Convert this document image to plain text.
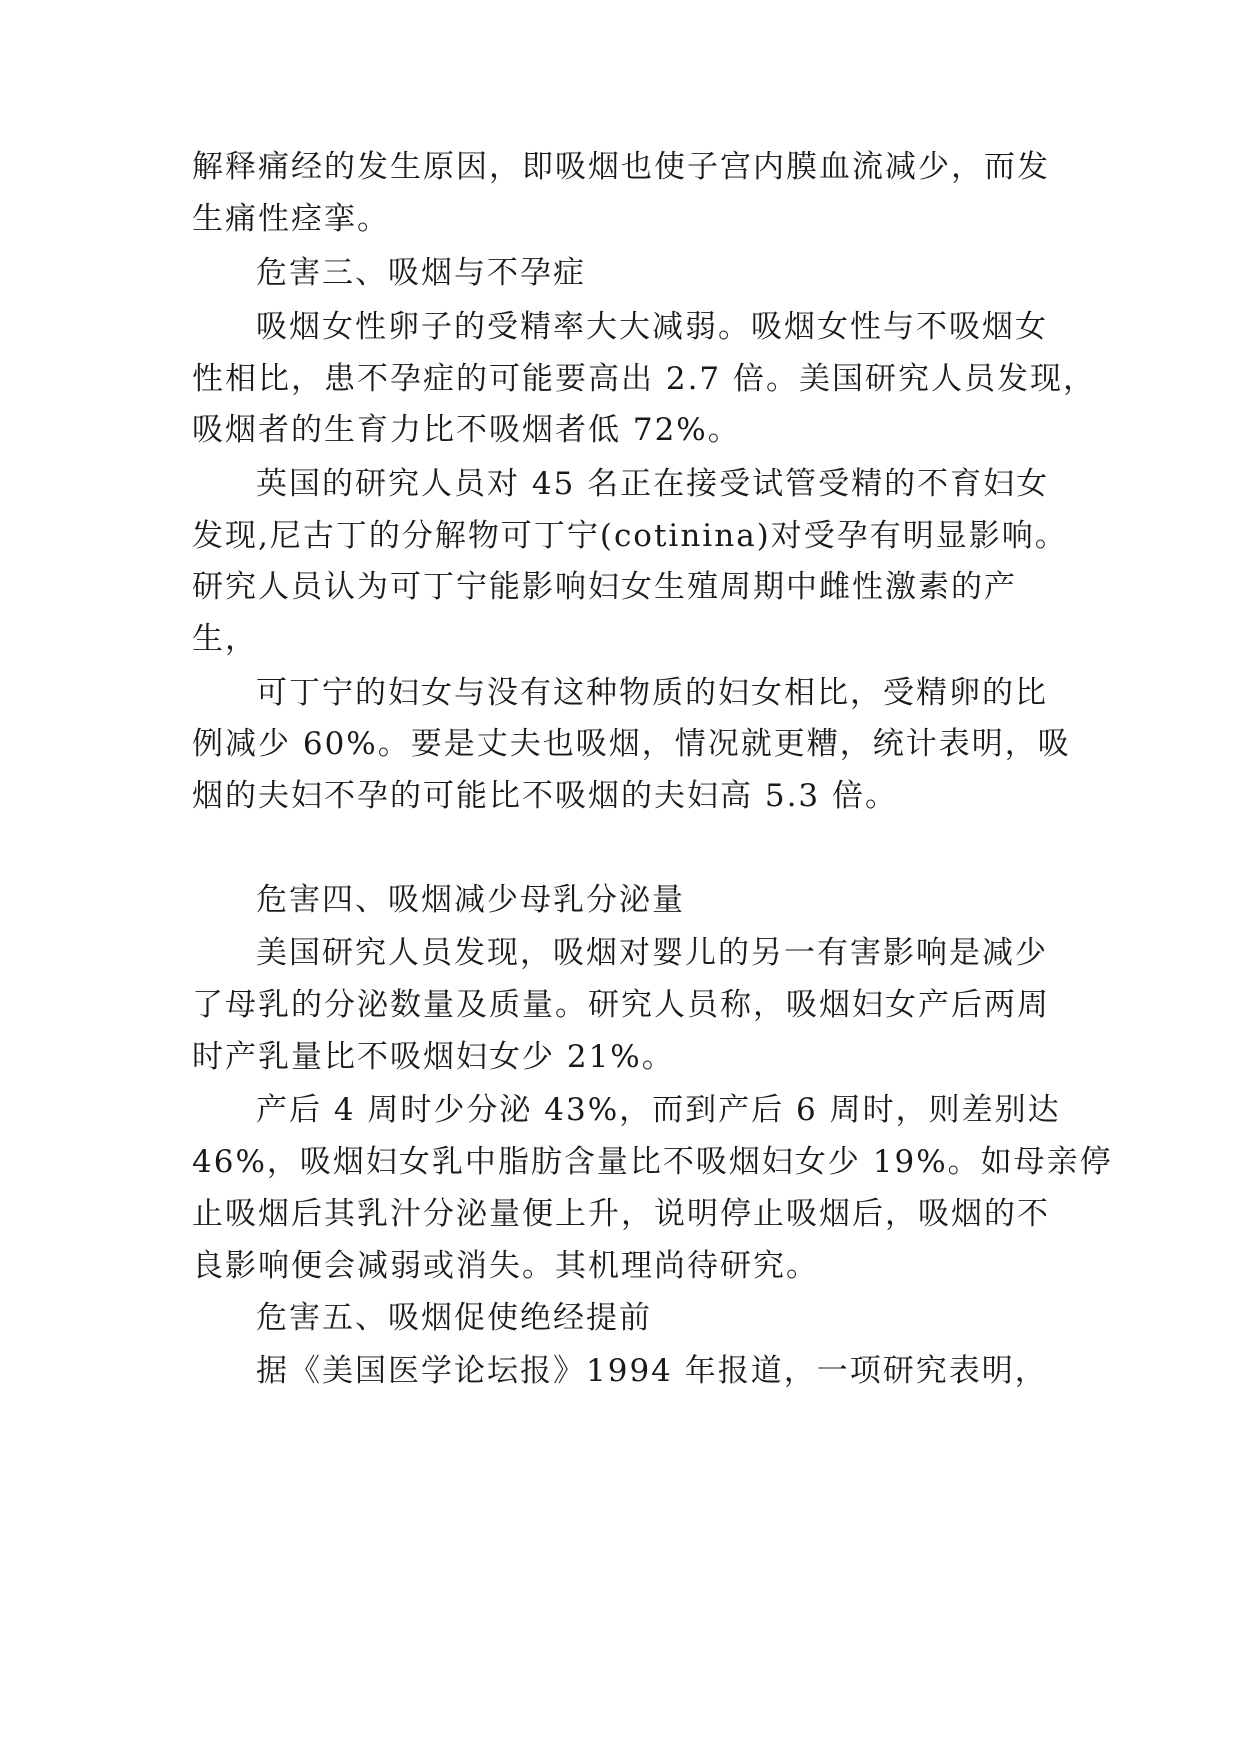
解释痛经的发生原因，即吸烟也使子宫内膜血流减少，而发
生痛性痉挛。
危害三、吸烟与不孕症
吸烟女性卵子的受精率大大减弱。吸烟女性与不吸烟女
性相比，患不孕症的可能要高出 2.7 倍。美国研究人员发现，
吸烟者的生育力比不吸烟者低 72%。
英国的研究人员对 45 名正在接受试管受精的不育妇女
发现,尼古丁的分解物可丁宁(cotinina)对受孕有明显影响。
研究人员认为可丁宁能影响妇女生殖周期中雌性激素的产
生，
可丁宁的妇女与没有这种物质的妇女相比，受精卵的比
例减少 60%。要是丈夫也吸烟，情况就更糟，统计表明，吸
烟的夫妇不孕的可能比不吸烟的夫妇高 5.3 倍。
危害四、吸烟减少母乳分泌量
美国研究人员发现，吸烟对婴儿的另一有害影响是减少
了母乳的分泌数量及质量。研究人员称，吸烟妇女产后两周
时产乳量比不吸烟妇女少 21%。
产后 4 周时少分泌 43%，而到产后 6 周时，则差别达
46%，吸烟妇女乳中脂肪含量比不吸烟妇女少 19%。如母亲停
止吸烟后其乳汁分泌量便上升，说明停止吸烟后，吸烟的不
良影响便会减弱或消失。其机理尚待研究。
危害五、吸烟促使绝经提前
据《美国医学论坛报》1994 年报道，一项研究表明，
